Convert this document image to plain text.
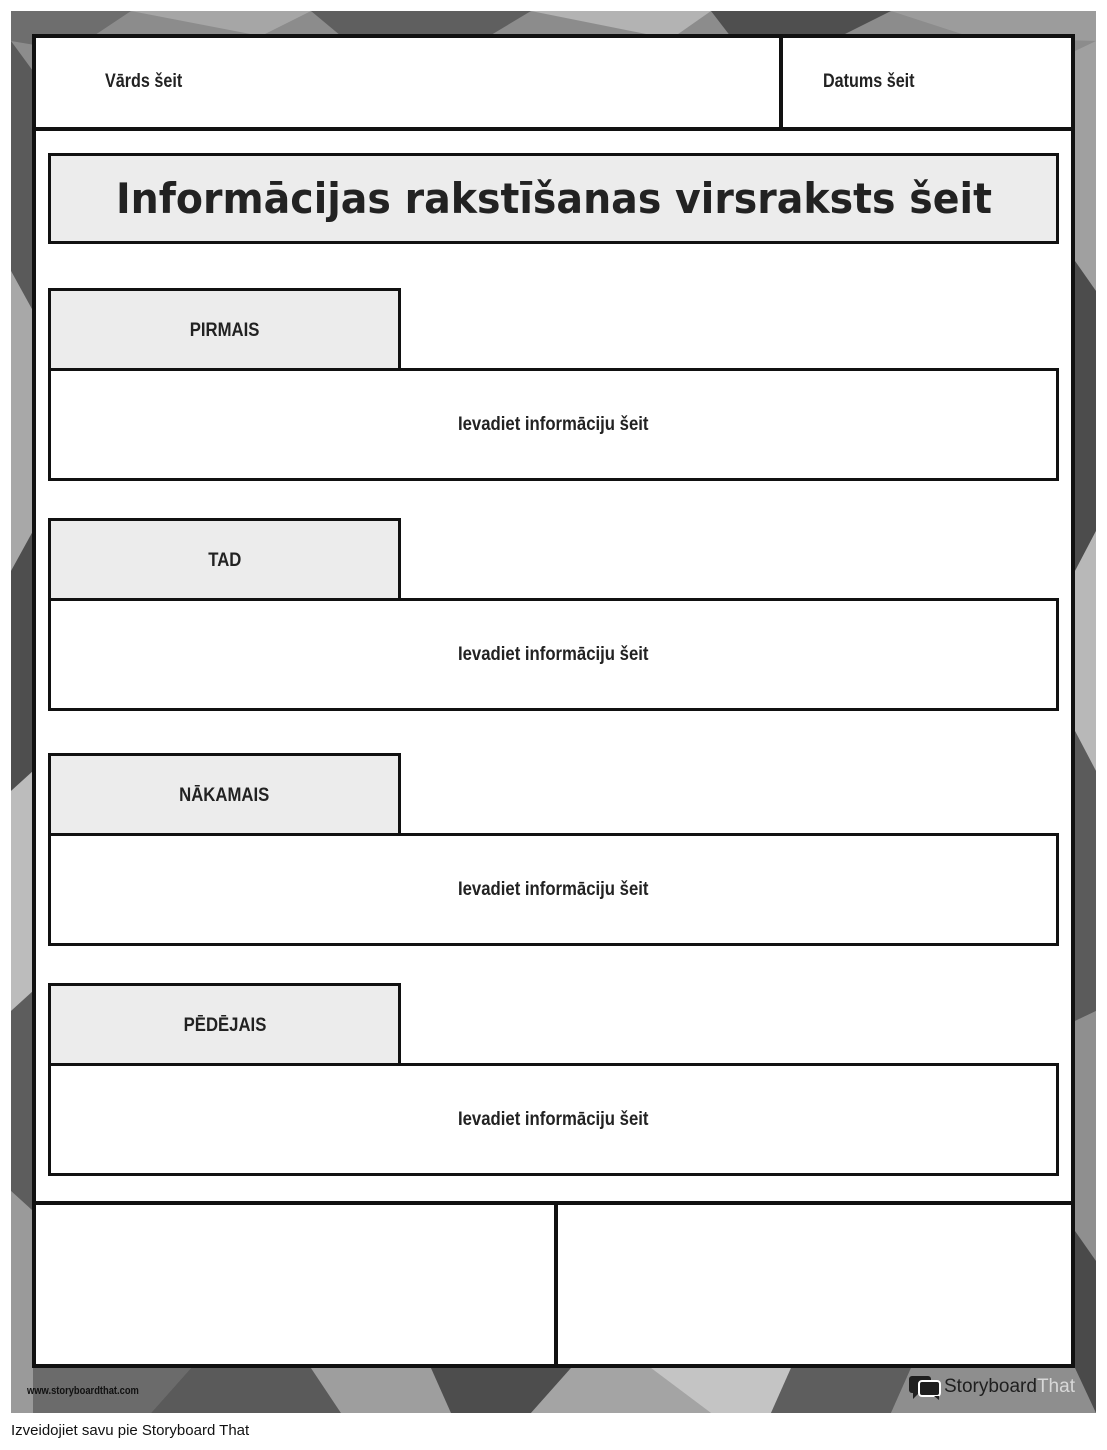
Vārds šeit	Datums šeit
Informācijas rakstīšanas virsraksts šeit
PIRMAIS
Ievadiet informāciju šeit
TAD
Ievadiet informāciju šeit
NĀKAMAIS
Ievadiet informāciju šeit
PĒDĒJAIS
Ievadiet informāciju šeit
www.storyboardthat.com	Storyboard That
Izveidojiet savu pie Storyboard That
